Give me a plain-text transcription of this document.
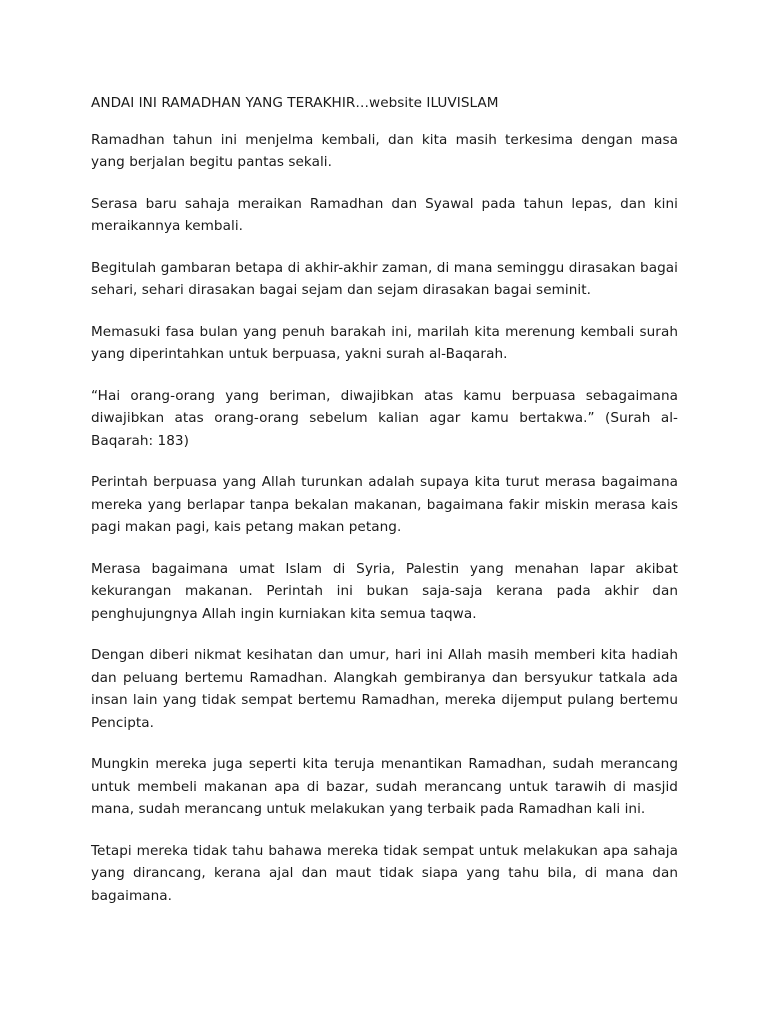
ANDAI INI RAMADHAN YANG TERAKHIR…website ILUVISLAM

Ramadhan tahun ini menjelma kembali, dan kita masih terkesima dengan masa yang berjalan begitu pantas sekali.

Serasa baru sahaja meraikan Ramadhan dan Syawal pada tahun lepas, dan kini meraikannya kembali.

Begitulah gambaran betapa di akhir-akhir zaman, di mana seminggu dirasakan bagai sehari, sehari dirasakan bagai sejam dan sejam dirasakan bagai seminit.

Memasuki fasa bulan yang penuh barakah ini, marilah kita merenung kembali surah yang diperintahkan untuk berpuasa, yakni surah al-Baqarah.

“Hai orang-orang yang beriman, diwajibkan atas kamu berpuasa sebagaimana diwajibkan atas orang-orang sebelum kalian agar kamu bertakwa.” (Surah al-Baqarah: 183)

Perintah berpuasa yang Allah turunkan adalah supaya kita turut merasa bagaimana mereka yang berlapar tanpa bekalan makanan, bagaimana fakir miskin merasa kais pagi makan pagi, kais petang makan petang.

Merasa bagaimana umat Islam di Syria, Palestin yang menahan lapar akibat kekurangan makanan. Perintah ini bukan saja-saja kerana pada akhir dan penghujungnya Allah ingin kurniakan kita semua taqwa.

Dengan diberi nikmat kesihatan dan umur, hari ini Allah masih memberi kita hadiah dan peluang bertemu Ramadhan. Alangkah gembiranya dan bersyukur tatkala ada insan lain yang tidak sempat bertemu Ramadhan, mereka dijemput pulang bertemu Pencipta.

Mungkin mereka juga seperti kita teruja menantikan Ramadhan, sudah merancang untuk membeli makanan apa di bazar, sudah merancang untuk tarawih di masjid mana, sudah merancang untuk melakukan yang terbaik pada Ramadhan kali ini.

Tetapi mereka tidak tahu bahawa mereka tidak sempat untuk melakukan apa sahaja yang dirancang, kerana ajal dan maut tidak siapa yang tahu bila, di mana dan bagaimana.
